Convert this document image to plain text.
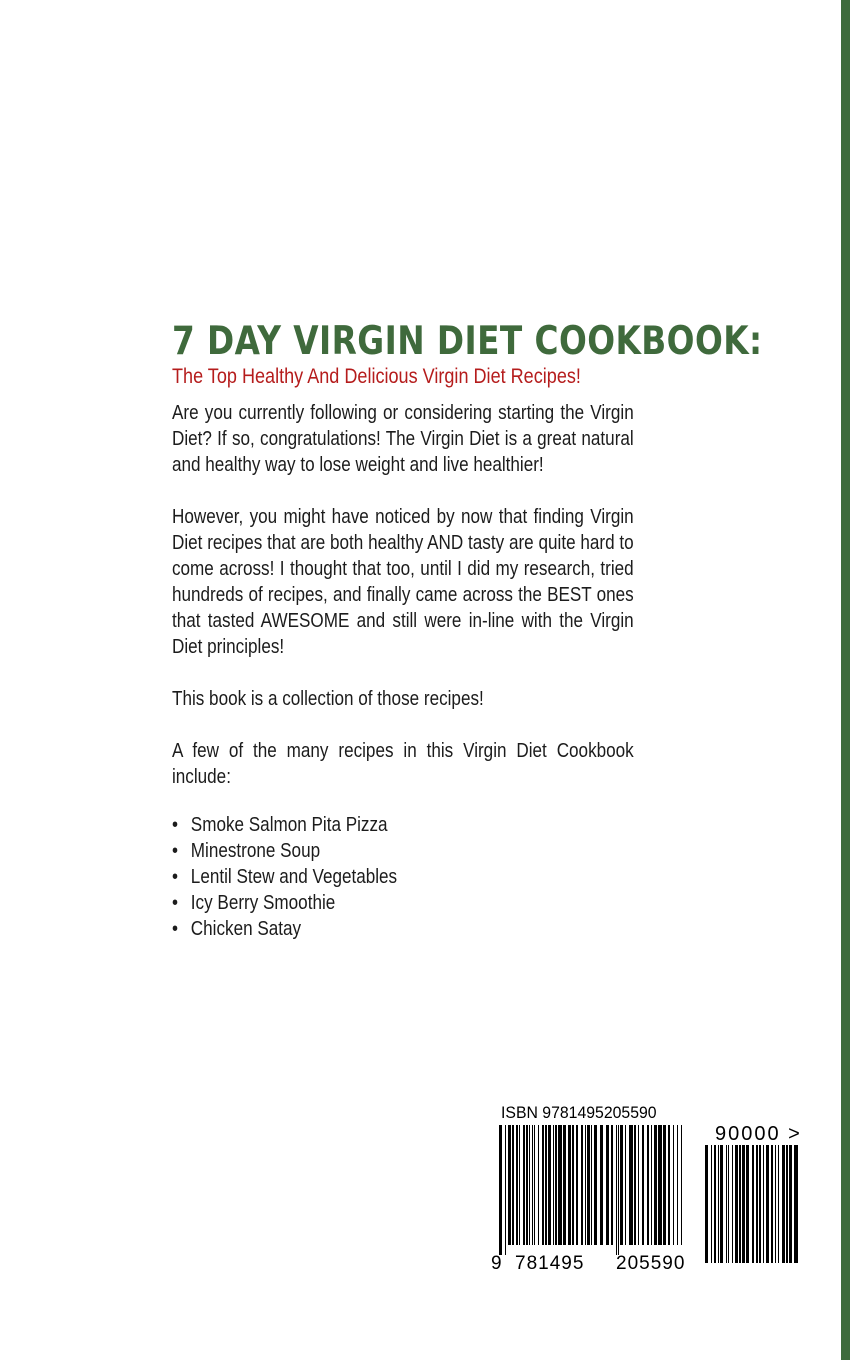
7 DAY VIRGIN DIET COOKBOOK:
The Top Healthy And Delicious Virgin Diet Recipes!

Are you currently following or considering starting the Virgin Diet? If so, congratulations! The Virgin Diet is a great natural and healthy way to lose weight and live healthier!

However, you might have noticed by now that finding Virgin Diet recipes that are both healthy AND tasty are quite hard to come across! I thought that too, until I did my research, tried hundreds of recipes, and finally came across the BEST ones that tasted AWESOME and still were in-line with the Virgin Diet principles!

This book is a collection of those recipes!

A few of the many recipes in this Virgin Diet Cookbook include:

• Smoke Salmon Pita Pizza
• Minestrone Soup
• Lentil Stew and Vegetables
• Icy Berry Smoothie
• Chicken Satay
ISBN 9781495205590
90000 >
9 781495 205590
